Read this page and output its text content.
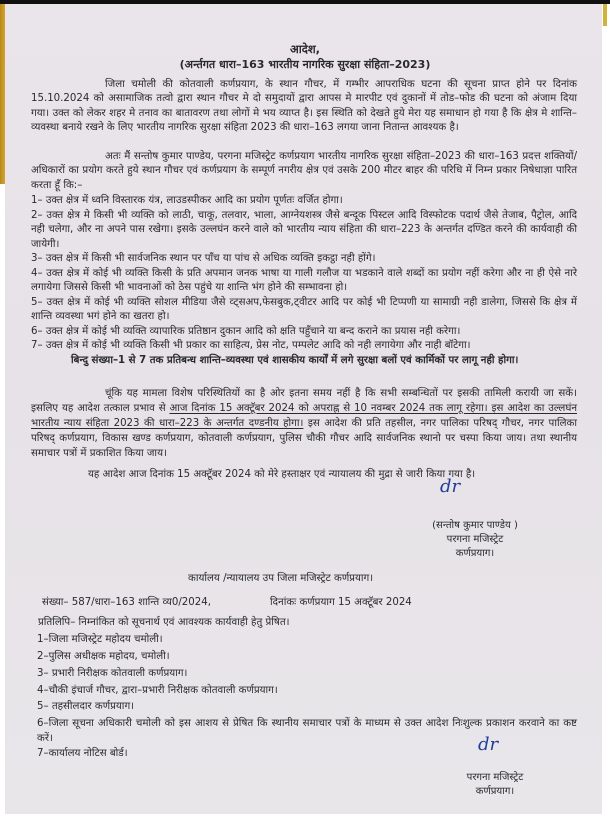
आदेश,
(अर्न्तगत धारा–163 भारतीय नागरिक सुरक्षा संहिता–2023)
जिला चमोली की कोतवाली कर्णप्रयाग, के स्थान गौचर, में गम्भीर आपराधिक घटना की सूचना प्राप्त होने पर दिनांक 15.10.2024 को असामाजिक तत्वो द्वारा स्थान गौचर मे दो समुदायों द्वारा आपस मे मारपीट एवं दुकानों में तोड–फोड की घटना को अंजाम दिया गया। उक्त को लेकर शहर मे तनाव का बातावरण तथा लोगों मे भय व्याप्त है। इस स्थिति को देखते हुये मेरा यह समाधान हो गया है कि क्षेत्र मे शान्ति–व्यवस्था बनाये रखने के लिए भारतीय नागरिक सुरक्षा संहिता 2023 की धारा–163 लगया जाना नितान्त आवश्यक है।
अतः मैं सन्तोष कुमार पाण्डेय, परगना मजिस्ट्रेट कर्णप्रयाग भारतीय नागरिक सुरक्षा संहिता–2023 की धारा–163 प्रदत्त शक्तियों/अधिकारों का प्रयोग करते हुये स्थान गौचर एवं कर्णप्रयाग के सम्पूर्ण नगरीय क्षेत्र एवं उसके 200 मीटर बाहर की परिधि में निम्न प्रकार निषेधाज्ञा पारित करता हूँ कि:–
1– उक्त क्षेत्र में ध्वनि विस्तारक यंत्र, लाउडस्पीकर आदि का प्रयोग पूर्णतः वर्जित होगा।
2– उक्त क्षेत्र मे किसी भी व्यक्ति को लाठी, चाकू, तलवार, भाला, आग्नेयशस्त्र जैसे बन्दूक पिस्टल आदि विस्फोटक पदार्थ जैसे तेजाब, पैट्रोल, आदि नही चलेगा, और ना अपने पास रखेगा। इसके उल्लघंन करने वाले को भारतीय न्याय संहिता की धारा–223 के अन्तर्गत दण्डित करने की कार्यवाही की जायेगी।
3– उक्त क्षेत्र में किसी भी सार्वजनिक स्थान पर पाँच या पांच से अधिक व्यक्ति इकट्ठा नही होंगे।
4– उक्त क्षेत्र में कोई भी व्यक्ति किसी के प्रति अपमान जनक भाषा या गाली गलौज या भडकाने वाले शब्दों का प्रयोग नहीं करेगा और ना ही ऐसे नारे लगायेगा जिससे किसी भी भावनाओं को ठेस पहुंचे या शान्ति भंग होने की सम्भावना हो।
5– उक्त क्षेत्र में कोई भी व्यक्ति सोशल मीडिया जैसे व्ट्सअप,फेसबुक,ट्वीटर आदि पर कोई भी टिप्पणी या सामाग्री नही डालेगा, जिससे कि क्षेत्र में शान्ति व्यवस्था भगं होने का खतरा हो।
6– उक्त क्षेत्र में कोई भी व्यक्ति व्यापारिक प्रतिष्ठान दुकान आदि को क्षति पहुँचाने या बन्द कराने का प्रयास नही करेगा।
7– उक्त क्षेत्र में कोई भी व्यक्ति किसी भी प्रकार का साहित्य, प्रेस नोट, पम्पलेट आदि को नही लगायेगा और नाही बॉटेगा।
बिन्दु संख्या–1 से 7 तक प्रतिबन्ध शान्ति–व्यवस्था एवं शासकीय कार्यों में लगे सुरक्षा बलों एवं कार्मिकों पर लागू नही होगा।
चूंकि यह मामला विशेष परिस्थितियों का है ओर इतना समय नहीं है कि सभी सम्बन्धितों पर इसकी तामिली करायी जा सकें। इसलिए यह आदेश तत्काल प्रभाव से आज दिनांक 15 अक्टूॅबर 2024 को अपराह्न से 10 नवम्बर 2024 तक लागू रहेगा। इस आदेश का उल्लघंन भारतीय न्याय संहिता 2023 की धारा–223 के अन्तर्गत दण्डनीय होगा। इस आदेश की प्रति तहसील, नगर पालिका परिषद् गौचर, नगर पालिका परिषद् कर्णप्रयाग, विकास खण्ड कर्णप्रयाग, कोतवाली कर्णप्रयाग, पुलिस चौकी गौचर आदि सार्वजनिक स्थानो पर चस्पा किया जाय। तथा स्थानीय समाचार पत्रों में प्रकाशित किया जाय।
यह आदेश आज दिनांक 15 अक्टूॅबर 2024 को मेरे हस्ताक्षर एवं न्यायालय की मुद्रा से जारी किया गया है।
dr
(सन्तोष कुमार पाण्डेय )
परगना मजिस्ट्रेट
कर्णप्रयाग।
कार्यालय /न्यायालय उप जिला मजिस्ट्रेट कर्णप्रयाग।
संख्या– 587/धारा–163 शान्ति व्य0/2024,	दिनांकः कर्णप्रयाग 15 अक्टूॅबर 2024
प्रतिलिपि– निम्नांकित को सूचनार्थ एवं आवश्यक कार्यवाही हेतु प्रेषित।
1–जिला मजिस्ट्रेट महोदय चमोली।
2–पुलिस अधीक्षक महोदय, चमोली।
3– प्रभारी निरीक्षक कोतवाली कर्णप्रयाग।
4–चौकी इंचार्ज गौचर, द्वारा–प्रभारी निरीक्षक कोतवाली कर्णप्रयाग।
5– तहसीलदार कर्णप्रयाग।
6–जिला सूचना अधिकारी चमोली को इस आशय से प्रेषित कि स्थानीय समाचार पत्रों के माध्यम से उक्त आदेश निःशुल्क प्रकाशन करवाने का कष्ट करें।
7–कार्यालय नोटिस बोर्ड।	dr
परगना मजिस्ट्रेट
कर्णप्रयाग।
